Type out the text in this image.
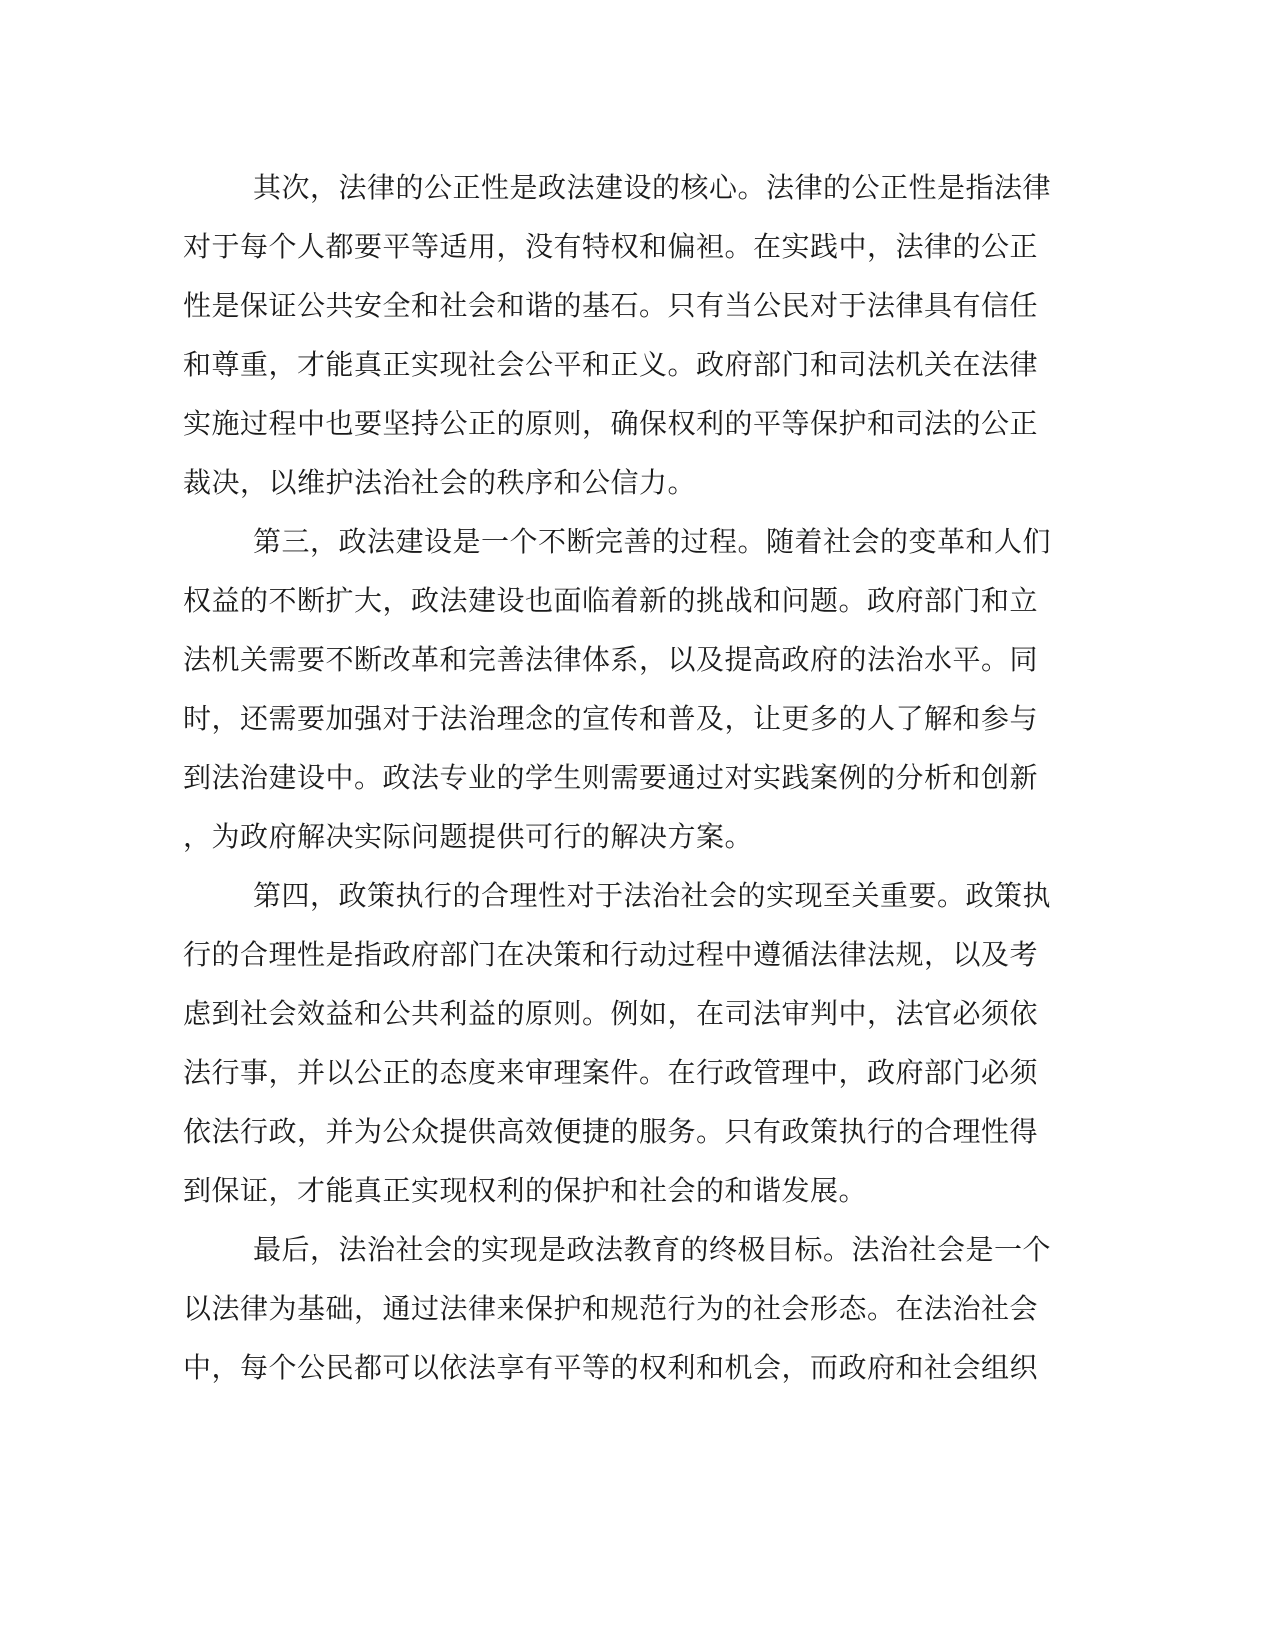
其次，法律的公正性是政法建设的核心。法律的公正性是指法律
对于每个人都要平等适用，没有特权和偏袒。在实践中，法律的公正
性是保证公共安全和社会和谐的基石。只有当公民对于法律具有信任
和尊重，才能真正实现社会公平和正义。政府部门和司法机关在法律
实施过程中也要坚持公正的原则，确保权利的平等保护和司法的公正
裁决，以维护法治社会的秩序和公信力。

第三，政法建设是一个不断完善的过程。随着社会的变革和人们
权益的不断扩大，政法建设也面临着新的挑战和问题。政府部门和立
法机关需要不断改革和完善法律体系，以及提高政府的法治水平。同
时，还需要加强对于法治理念的宣传和普及，让更多的人了解和参与
到法治建设中。政法专业的学生则需要通过对实践案例的分析和创新
，为政府解决实际问题提供可行的解决方案。

第四，政策执行的合理性对于法治社会的实现至关重要。政策执
行的合理性是指政府部门在决策和行动过程中遵循法律法规，以及考
虑到社会效益和公共利益的原则。例如，在司法审判中，法官必须依
法行事，并以公正的态度来审理案件。在行政管理中，政府部门必须
依法行政，并为公众提供高效便捷的服务。只有政策执行的合理性得
到保证，才能真正实现权利的保护和社会的和谐发展。

最后，法治社会的实现是政法教育的终极目标。法治社会是一个
以法律为基础，通过法律来保护和规范行为的社会形态。在法治社会
中，每个公民都可以依法享有平等的权利和机会，而政府和社会组织
